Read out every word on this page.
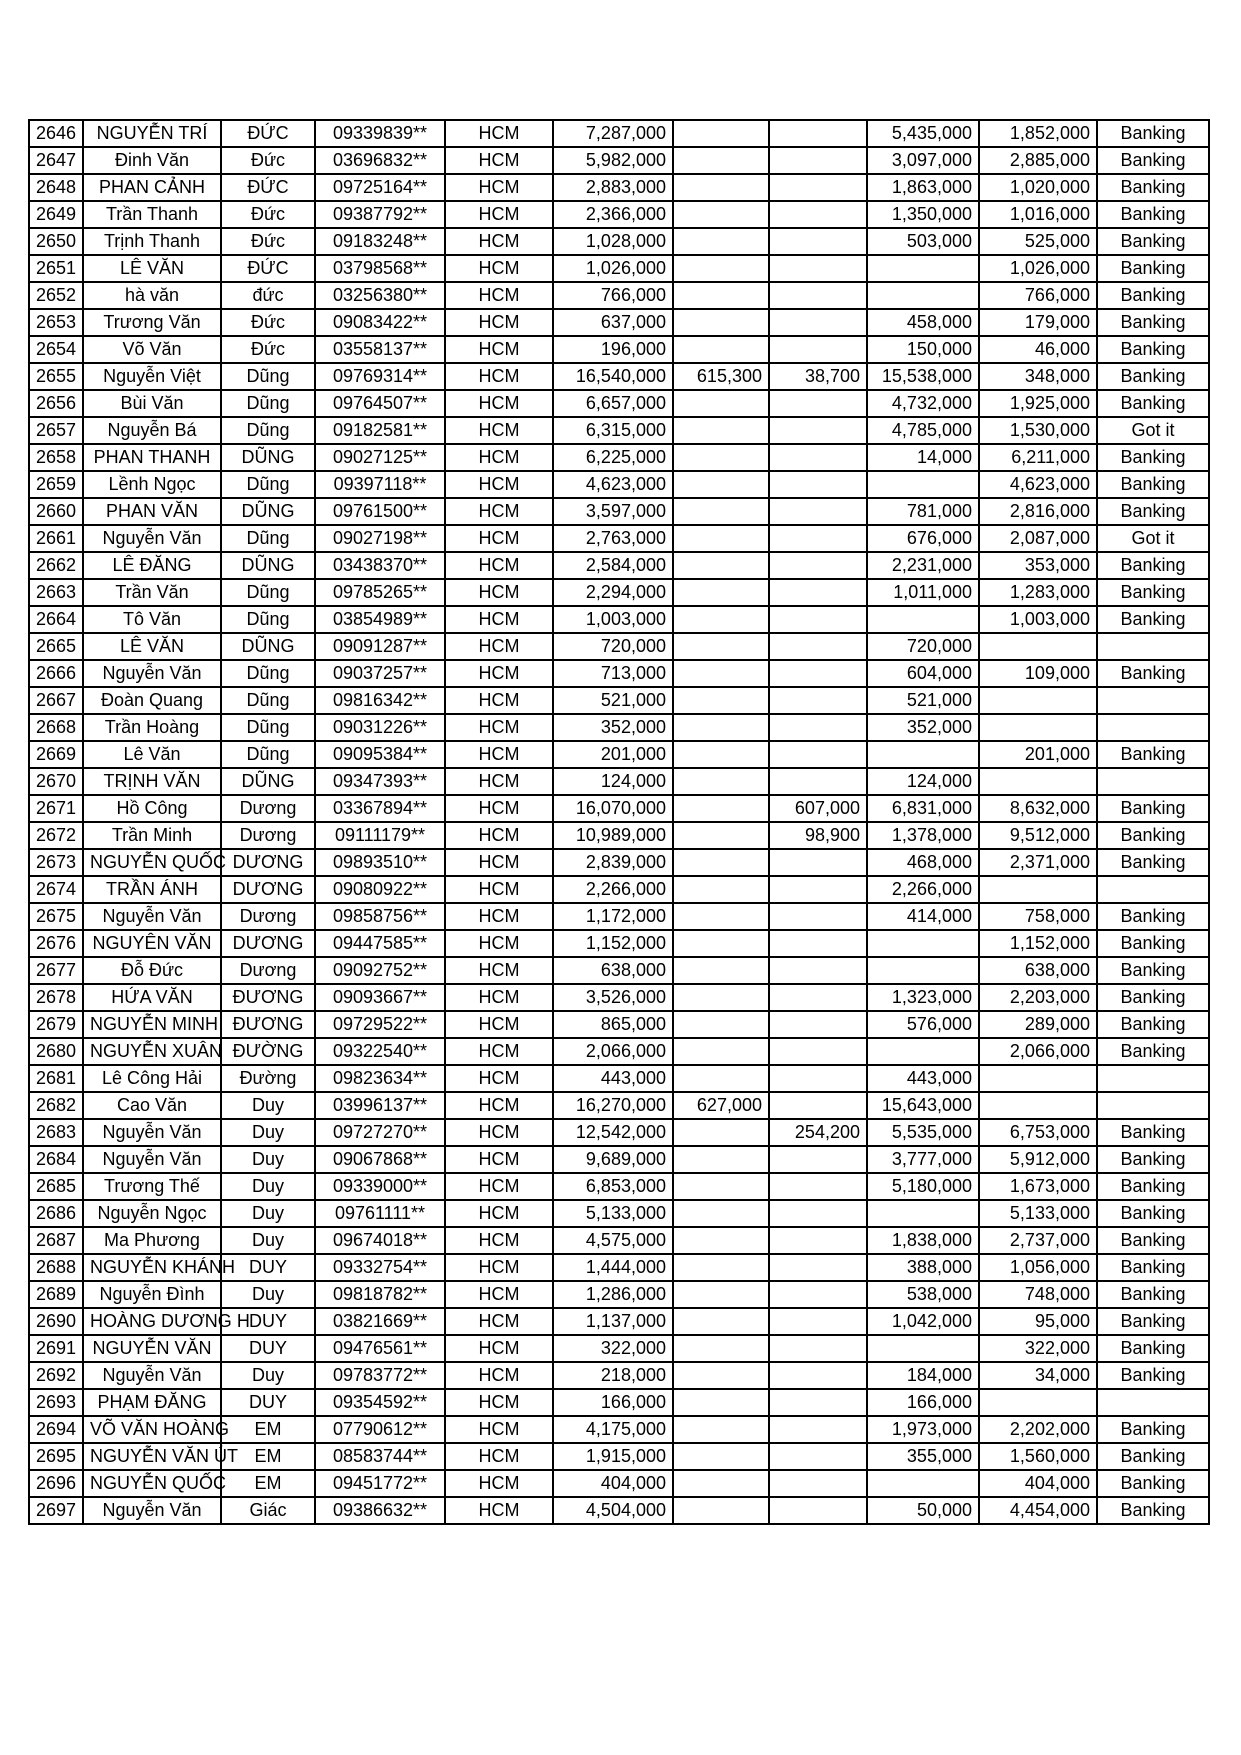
2646	NGUYỄN TRÍ	ĐỨC	09339839**	HCM	7,287,000			5,435,000	1,852,000	Banking
2647	Đinh Văn	Đức	03696832**	HCM	5,982,000			3,097,000	2,885,000	Banking
2648	PHAN CẢNH	ĐỨC	09725164**	HCM	2,883,000			1,863,000	1,020,000	Banking
2649	Trần Thanh	Đức	09387792**	HCM	2,366,000			1,350,000	1,016,000	Banking
2650	Trịnh Thanh	Đức	09183248**	HCM	1,028,000			503,000	525,000	Banking
2651	LÊ VĂN	ĐỨC	03798568**	HCM	1,026,000				1,026,000	Banking
2652	hà văn	đức	03256380**	HCM	766,000				766,000	Banking
2653	Trương Văn	Đức	09083422**	HCM	637,000			458,000	179,000	Banking
2654	Võ Văn	Đức	03558137**	HCM	196,000			150,000	46,000	Banking
2655	Nguyễn Việt	Dũng	09769314**	HCM	16,540,000	615,300	38,700	15,538,000	348,000	Banking
2656	Bùi Văn	Dũng	09764507**	HCM	6,657,000			4,732,000	1,925,000	Banking
2657	Nguyễn Bá	Dũng	09182581**	HCM	6,315,000			4,785,000	1,530,000	Got it
2658	PHAN THANH	DŨNG	09027125**	HCM	6,225,000			14,000	6,211,000	Banking
2659	Lềnh Ngọc	Dũng	09397118**	HCM	4,623,000				4,623,000	Banking
2660	PHAN VĂN	DŨNG	09761500**	HCM	3,597,000			781,000	2,816,000	Banking
2661	Nguyễn Văn	Dũng	09027198**	HCM	2,763,000			676,000	2,087,000	Got it
2662	LÊ ĐĂNG	DŨNG	03438370**	HCM	2,584,000			2,231,000	353,000	Banking
2663	Trần Văn	Dũng	09785265**	HCM	2,294,000			1,011,000	1,283,000	Banking
2664	Tô Văn	Dũng	03854989**	HCM	1,003,000				1,003,000	Banking
2665	LÊ VĂN	DŨNG	09091287**	HCM	720,000			720,000		
2666	Nguyễn Văn	Dũng	09037257**	HCM	713,000			604,000	109,000	Banking
2667	Đoàn Quang	Dũng	09816342**	HCM	521,000			521,000		
2668	Trần Hoàng	Dũng	09031226**	HCM	352,000			352,000		
2669	Lê Văn	Dũng	09095384**	HCM	201,000				201,000	Banking
2670	TRỊNH VĂN	DŨNG	09347393**	HCM	124,000			124,000		
2671	Hồ Công	Dương	03367894**	HCM	16,070,000		607,000	6,831,000	8,632,000	Banking
2672	Trần Minh	Dương	09111179**	HCM	10,989,000		98,900	1,378,000	9,512,000	Banking
2673	NGUYỄN QUỐC	DƯƠNG	09893510**	HCM	2,839,000			468,000	2,371,000	Banking
2674	TRẦN ÁNH	DƯƠNG	09080922**	HCM	2,266,000			2,266,000		
2675	Nguyễn Văn	Dương	09858756**	HCM	1,172,000			414,000	758,000	Banking
2676	NGUYÊN VĂN	DƯƠNG	09447585**	HCM	1,152,000				1,152,000	Banking
2677	Đỗ Đức	Dương	09092752**	HCM	638,000				638,000	Banking
2678	HỨA VĂN	ĐƯƠNG	09093667**	HCM	3,526,000			1,323,000	2,203,000	Banking
2679	NGUYỄN MINH	ĐƯƠNG	09729522**	HCM	865,000			576,000	289,000	Banking
2680	NGUYỄN XUÂN	ĐƯỜNG	09322540**	HCM	2,066,000				2,066,000	Banking
2681	Lê Công Hải	Đường	09823634**	HCM	443,000			443,000		
2682	Cao Văn	Duy	03996137**	HCM	16,270,000	627,000		15,643,000		
2683	Nguyễn Văn	Duy	09727270**	HCM	12,542,000		254,200	5,535,000	6,753,000	Banking
2684	Nguyễn Văn	Duy	09067868**	HCM	9,689,000			3,777,000	5,912,000	Banking
2685	Trương Thế	Duy	09339000**	HCM	6,853,000			5,180,000	1,673,000	Banking
2686	Nguyễn Ngọc	Duy	09761111**	HCM	5,133,000				5,133,000	Banking
2687	Ma Phương	Duy	09674018**	HCM	4,575,000			1,838,000	2,737,000	Banking
2688	NGUYỄN KHÁNH	DUY	09332754**	HCM	1,444,000			388,000	1,056,000	Banking
2689	Nguyễn Đình	Duy	09818782**	HCM	1,286,000			538,000	748,000	Banking
2690	HOÀNG DƯƠNG H	DUY	03821669**	HCM	1,137,000			1,042,000	95,000	Banking
2691	NGUYỄN VĂN	DUY	09476561**	HCM	322,000				322,000	Banking
2692	Nguyễn Văn	Duy	09783772**	HCM	218,000			184,000	34,000	Banking
2693	PHẠM ĐĂNG	DUY	09354592**	HCM	166,000			166,000		
2694	VÕ VĂN HOÀNG	EM	07790612**	HCM	4,175,000			1,973,000	2,202,000	Banking
2695	NGUYỄN VĂN ÚT	EM	08583744**	HCM	1,915,000			355,000	1,560,000	Banking
2696	NGUYỄN QUỐC	EM	09451772**	HCM	404,000				404,000	Banking
2697	Nguyễn Văn	Giác	09386632**	HCM	4,504,000			50,000	4,454,000	Banking
